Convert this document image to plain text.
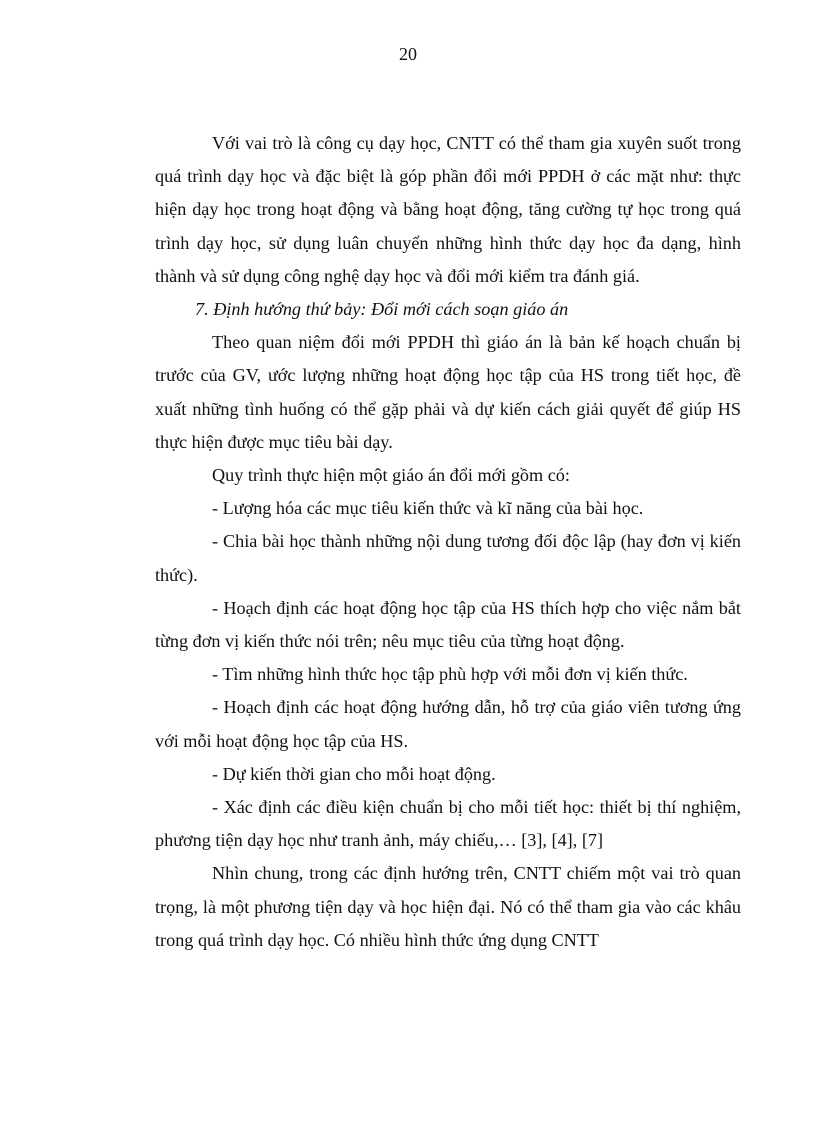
20

Với vai trò là công cụ dạy học, CNTT có thể tham gia xuyên suốt trong quá trình dạy học và đặc biệt là góp phần đổi mới PPDH ở các mặt như: thực hiện dạy học trong hoạt động và bằng hoạt động, tăng cường tự học trong quá trình dạy học, sử dụng luân chuyển những hình thức dạy học đa dạng, hình thành và sử dụng công nghệ dạy học và đổi mới kiểm tra đánh giá.

7. Định hướng thứ bảy: Đổi mới cách soạn giáo án

Theo quan niệm đổi mới PPDH thì giáo án là bản kế hoạch chuẩn bị trước của GV, ước lượng những hoạt động học tập của HS trong tiết học, đề xuất những tình huống có thể gặp phải và dự kiến cách giải quyết để giúp HS thực hiện được mục tiêu bài dạy.

Quy trình thực hiện một giáo án đổi mới gồm có:

- Lượng hóa các mục tiêu kiến thức và kĩ năng của bài học.

- Chia bài học thành những nội dung tương đối độc lập (hay đơn vị kiến thức).

- Hoạch định các hoạt động học tập của HS thích hợp cho việc nắm bắt từng đơn vị kiến thức nói trên; nêu mục tiêu của từng hoạt động.

- Tìm những hình thức học tập phù hợp với mỗi đơn vị kiến thức.

- Hoạch định các hoạt động hướng dẫn, hỗ trợ của giáo viên tương ứng với mỗi hoạt động học tập của HS.

- Dự kiến thời gian cho mỗi hoạt động.

- Xác định các điều kiện chuẩn bị cho mỗi tiết học: thiết bị thí nghiệm, phương tiện dạy học như tranh ảnh, máy chiếu,… [3], [4], [7]

Nhìn chung, trong các định hướng trên, CNTT chiếm một vai trò quan trọng, là một phương tiện dạy và học hiện đại. Nó có thể tham gia vào các khâu trong quá trình dạy học. Có nhiều hình thức ứng dụng CNTT
